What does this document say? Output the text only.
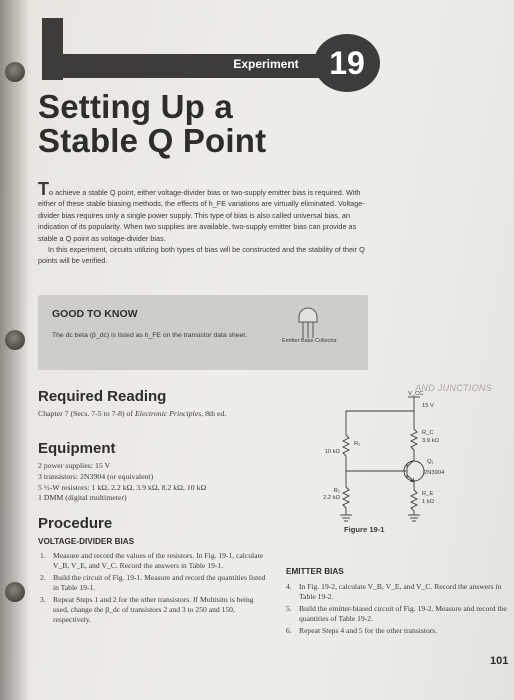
Experiment 19
Setting Up a
Stable Q Point

To achieve a stable Q point, either voltage-divider bias or two-supply emitter bias is required. With either of these stable biasing methods, the effects of h_FE variations are virtually eliminated. Voltage-divider bias requires only a single power supply. This type of bias is also called universal bias, an indication of its popularity. When two supplies are available, two-supply emitter bias can provide as stable a Q point as voltage-divider bias.

In this experiment, circuits utilizing both types of bias will be constructed and the stability of their Q points will be verified.

GOOD TO KNOW
The dc beta (β_dc) is listed as h_FE on the transistor data sheet.
Emitter Base Collector
Required Reading
Chapter 7 (Secs. 7-5 to 7-8) of Electronic Principles, 8th ed.
Equipment
2 power supplies: 15 V
3 transistors: 2N3904 (or equivalent)
5 ½-W resistors: 1 kΩ, 2.2 kΩ, 3.9 kΩ, 8.2 kΩ, 10 kΩ
1 DMM (digital multimeter)
Procedure
VOLTAGE-DIVIDER BIAS
1. Measure and record the values of the resistors. In Fig. 19-1, calculate V_B, V_E, and V_C. Record the answers in Table 19-1.
2. Build the circuit of Fig. 19-1. Measure and record the quantities listed in Table 19-1.
3. Repeat Steps 1 and 2 for the other transistors. If Multisim is being used, change the β_dc of transistors 2 and 3 to 250 and 150, respectively.
EMITTER BIAS
4. In Fig. 19-2, calculate V_B, V_E, and V_C. Record the answers in Table 19-2.
5. Build the emitter-biased circuit of Fig. 19-2. Measure and record the quantities of Table 19-2.
6. Repeat Steps 4 and 5 for the other transistors.
AND JUNCTIONS
V_CC
15 V
R₁
10 kΩ
R₂
2.2 kΩ
R_C
3.9 kΩ
Q₁
2N3904
R_E
1 kΩ
Figure 19-1
101
